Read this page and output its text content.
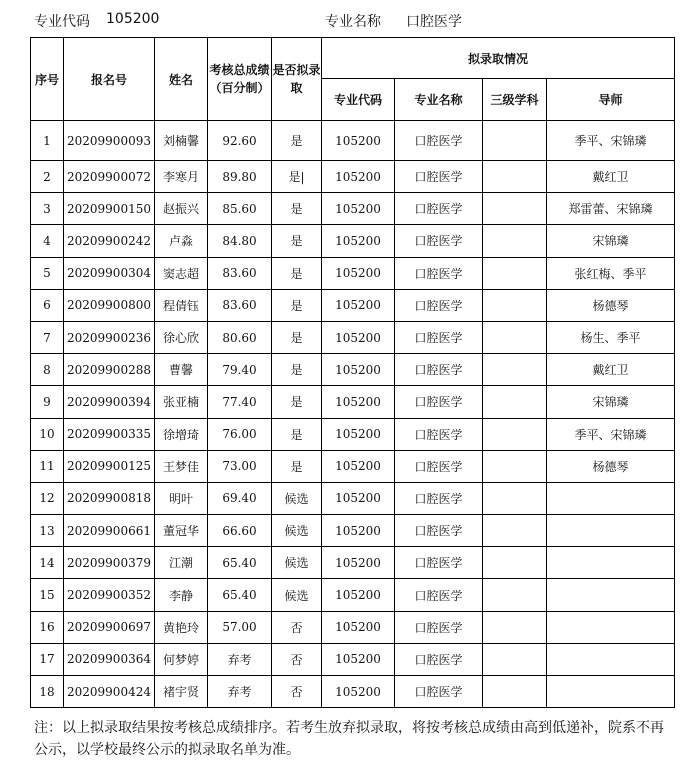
专业代码 105200	专业名称 口腔医学
序号	报名号	姓名	考核总成绩（百分制）	是否拟录取	拟录取情况			
					专业代码	专业名称	三级学科	导师
1	20209900093	刘楠馨	92.60	是	105200	口腔医学		季平、宋锦璘
2	20209900072	李寒月	89.80	是|	105200	口腔医学		戴红卫
3	20209900150	赵振兴	85.60	是	105200	口腔医学		郑雷蕾、宋锦璘
4	20209900242	卢淼	84.80	是	105200	口腔医学		宋锦璘
5	20209900304	窦志超	83.60	是	105200	口腔医学		张红梅、季平
6	20209900800	程倩钰	83.60	是	105200	口腔医学		杨德琴
7	20209900236	徐心欣	80.60	是	105200	口腔医学		杨生、季平
8	20209900288	曹馨	79.40	是	105200	口腔医学		戴红卫
9	20209900394	张亚楠	77.40	是	105200	口腔医学		宋锦璘
10	20209900335	徐增琦	76.00	是	105200	口腔医学		季平、宋锦璘
11	20209900125	王梦佳	73.00	是	105200	口腔医学		杨德琴
12	20209900818	明叶	69.40	候选	105200	口腔医学		
13	20209900661	董冠华	66.60	候选	105200	口腔医学		
14	20209900379	江潮	65.40	候选	105200	口腔医学		
15	20209900352	李静	65.40	候选	105200	口腔医学		
16	20209900697	黄艳玲	57.00	否	105200	口腔医学		
17	20209900364	何梦婷	弃考	否	105200	口腔医学		
18	20209900424	褚宇贤	弃考	否	105200	口腔医学		
注：以上拟录取结果按考核总成绩排序。若考生放弃拟录取，将按考核总成绩由高到低递补，院系不再公示，以学校最终公示的拟录取名单为准。
